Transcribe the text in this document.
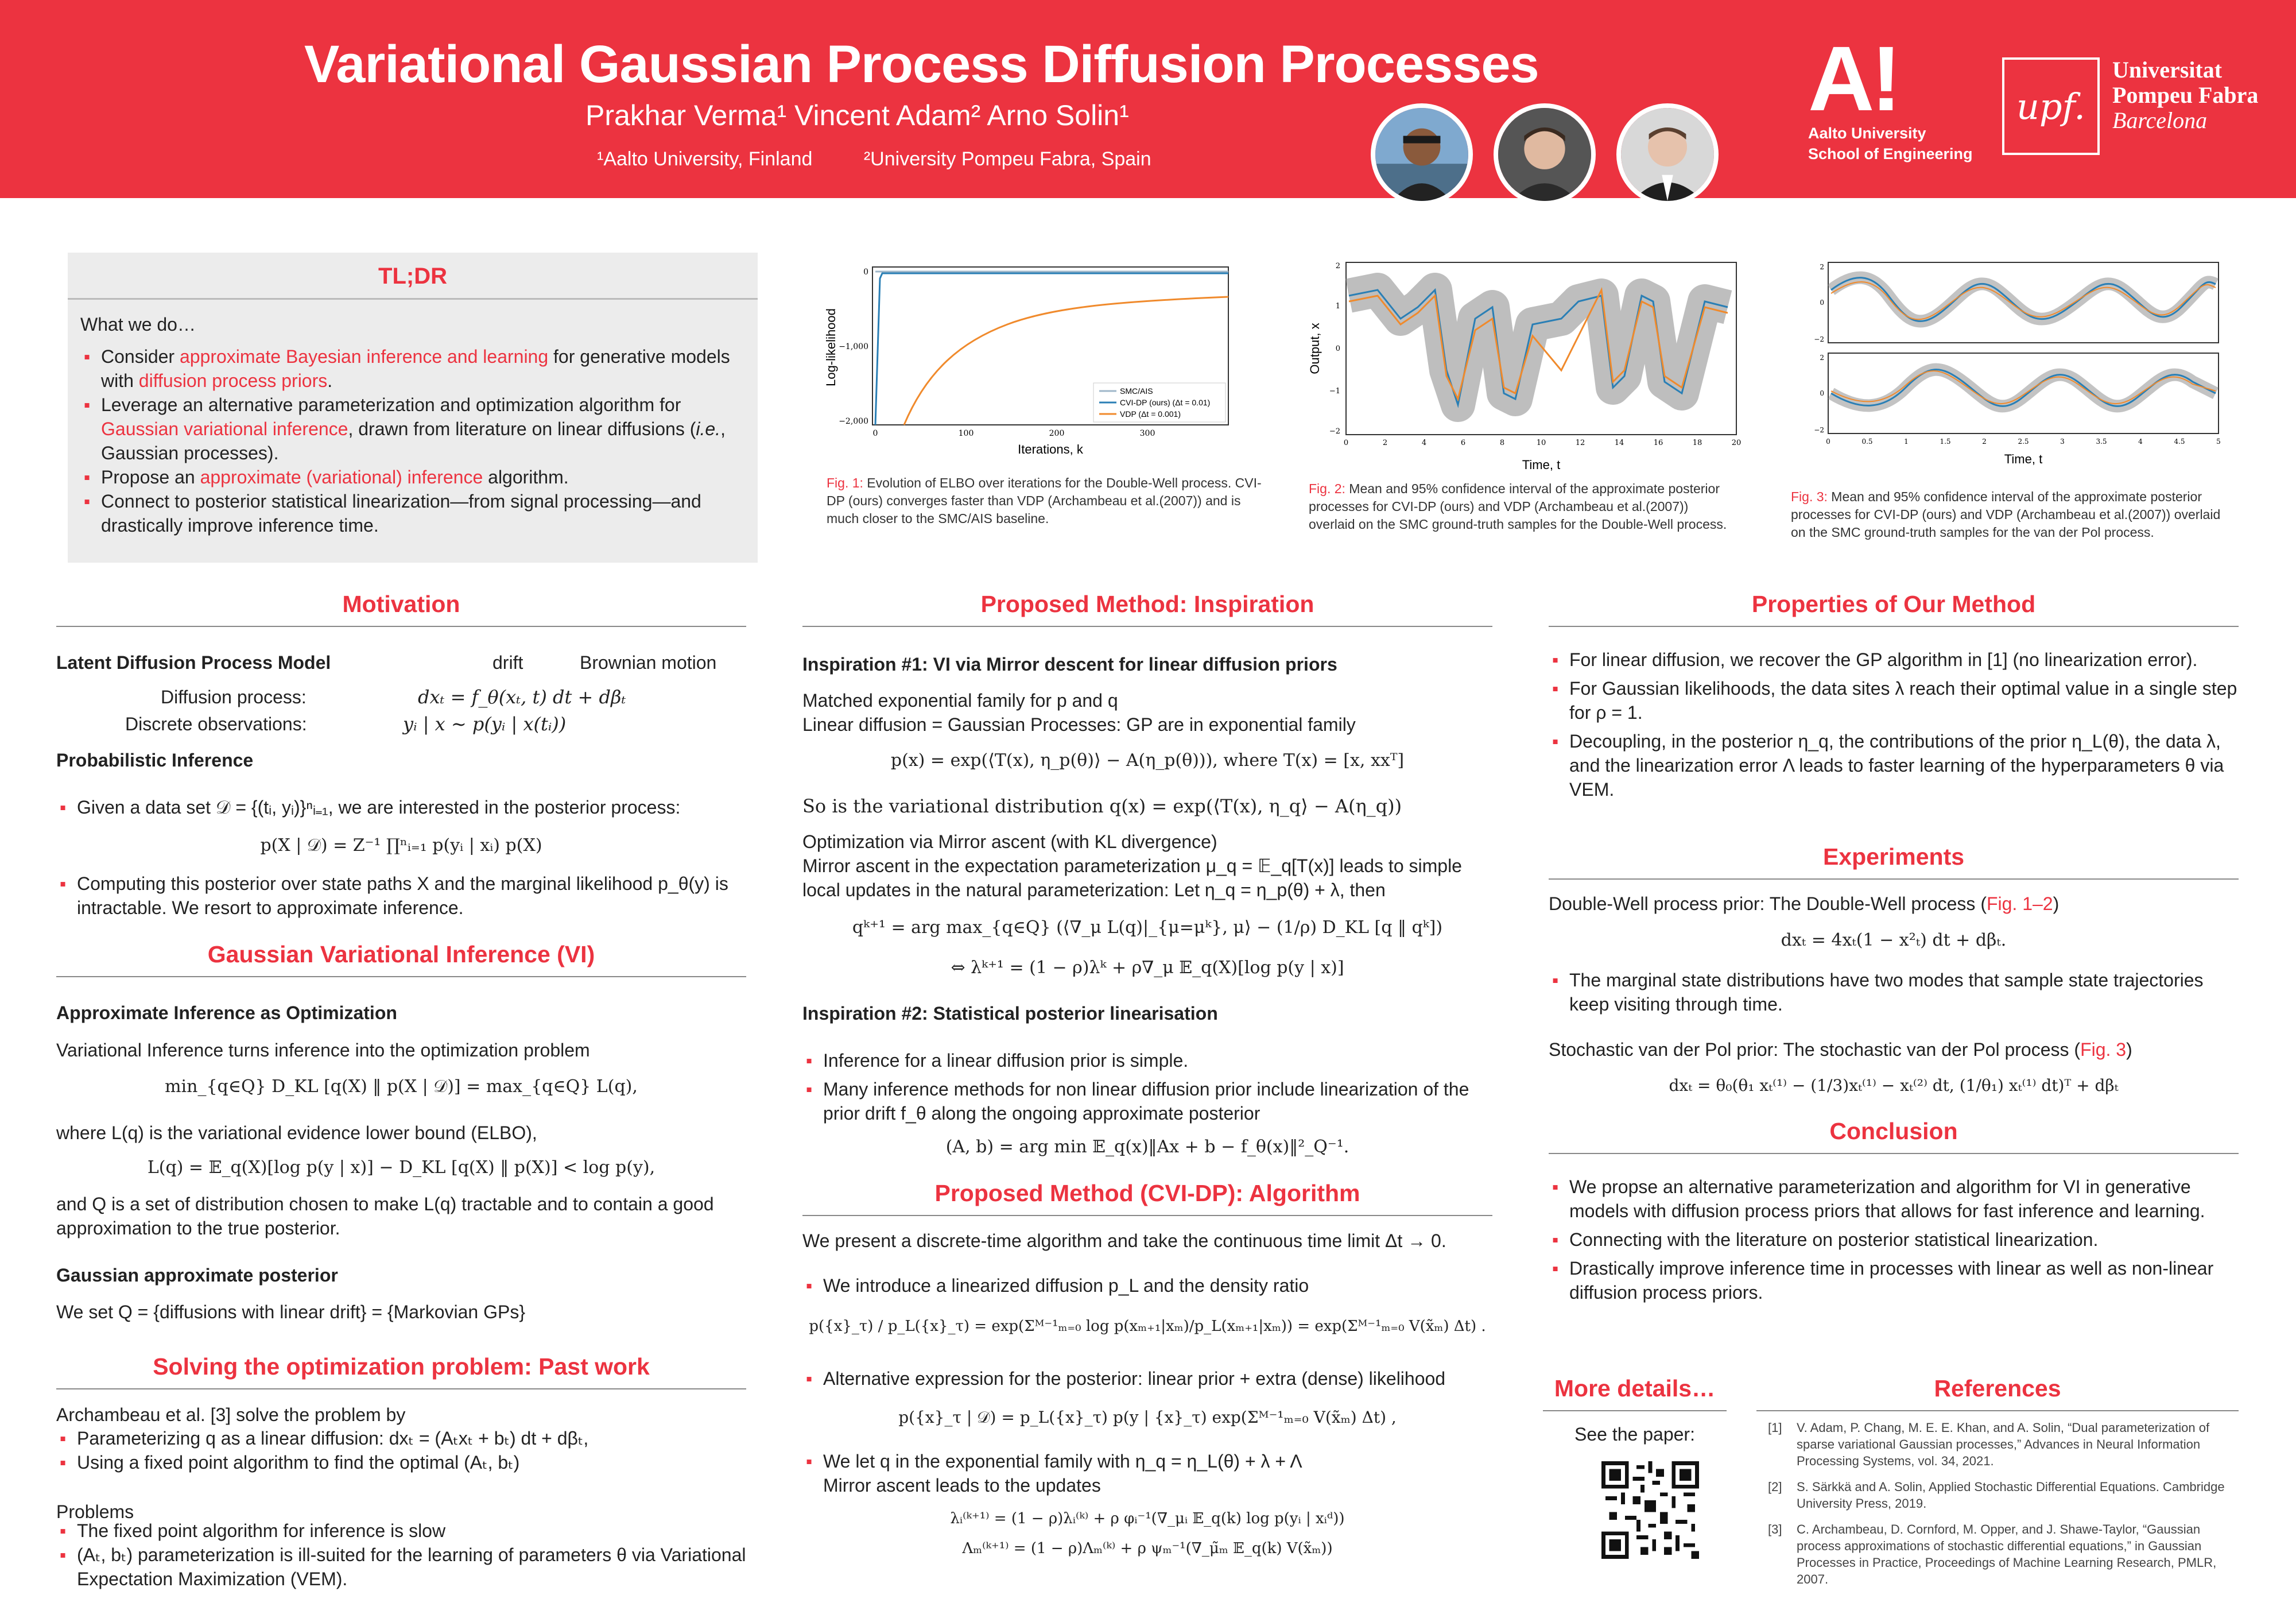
Variational Gaussian Process Diffusion Processes
Prakhar Verma¹ Vincent Adam² Arno Solin¹
¹Aalto University, Finland	²University Pompeu Fabra, Spain
A!
Aalto University
School of Engineering
upf.
Universitat
Pompeu Fabra
Barcelona
TL;DR
What we do…
▪ Consider approximate Bayesian inference and learning for generative models with diffusion process priors.
▪ Leverage an alternative parameterization and optimization algorithm for Gaussian variational inference, drawn from literature on linear diffusions (i.e., Gaussian processes).
▪ Propose an approximate (variational) inference algorithm.
▪ Connect to posterior statistical linearization—from signal processing—and drastically improve inference time.
Log-likelihood
Iterations, k
0
−1,000
−2,000
0	100	200	300
SMC/AIS
CVI-DP (ours) (Δt = 0.01)
VDP (Δt = 0.001)
Fig. 1: Evolution of ELBO over iterations for the Double-Well process. CVI-DP (ours) converges faster than VDP (Archambeau et al.(2007)) and is much closer to the SMC/AIS baseline.
Output, x
Time, t
2
1
0
−1
−2
0	2	4	6	8	10	12	14	16	18	20
Fig. 2: Mean and 95% confidence interval of the approximate posterior processes for CVI-DP (ours) and VDP (Archambeau et al.(2007)) overlaid on the SMC ground-truth samples for the Double-Well process.
2
0
−2
2
0
−2
0	0.5	1	1.5	2	2.5	3	3.5	4	4.5	5
Time, t
Fig. 3: Mean and 95% confidence interval of the approximate posterior processes for CVI-DP (ours) and VDP (Archambeau et al.(2007)) overlaid on the SMC ground-truth samples for the van der Pol process.
Motivation
Latent Diffusion Process Model	drift	Brownian motion
Diffusion process:	dxₜ = f_θ(xₜ, t) dt + dβₜ
Discrete observations:	yᵢ | x ∼ p(yᵢ | x(tᵢ))
Probabilistic Inference
▪ Given a data set 𝒟 = {(tᵢ, yᵢ)}ⁿᵢ₌₁, we are interested in the posterior process:
p(X | 𝒟) = Z⁻¹ ∏ⁿᵢ₌₁ p(yᵢ | xᵢ) p(X)
▪ Computing this posterior over state paths X and the marginal likelihood p_θ(y) is intractable. We resort to approximate inference.
Gaussian Variational Inference (VI)
Approximate Inference as Optimization
Variational Inference turns inference into the optimization problem
min_{q∈Q} D_KL [q(X) ‖ p(X | 𝒟)] = max_{q∈Q} L(q),
where L(q) is the variational evidence lower bound (ELBO),
L(q) = 𝔼_q(X)[log p(y | x)] − D_KL [q(X) ‖ p(X)] < log p(y),
and Q is a set of distribution chosen to make L(q) tractable and to contain a good approximation to the true posterior.
Gaussian approximate posterior
We set Q = {diffusions with linear drift} = {Markovian GPs}
Solving the optimization problem: Past work
Archambeau et al. [3] solve the problem by
▪ Parameterizing q as a linear diffusion: dxₜ = (Aₜxₜ + bₜ) dt + dβₜ,
▪ Using a fixed point algorithm to find the optimal (Aₜ, bₜ)
Problems
▪ The fixed point algorithm for inference is slow
▪ (Aₜ, bₜ) parameterization is ill-suited for the learning of parameters θ via Variational Expectation Maximization (VEM).
Proposed Method: Inspiration
Inspiration #1: VI via Mirror descent for linear diffusion priors
Matched exponential family for p and q
Linear diffusion = Gaussian Processes: GP are in exponential family
p(x) = exp(⟨T(x), η_p(θ)⟩ − A(η_p(θ))), where T(x) = [x, xxᵀ]
So is the variational distribution q(x) = exp(⟨T(x), η_q⟩ − A(η_q))
Optimization via Mirror ascent (with KL divergence)
Mirror ascent in the expectation parameterization μ_q = 𝔼_q[T(x)] leads to simple local updates in the natural parameterization: Let η_q = η_p(θ) + λ, then
qᵏ⁺¹ = arg max_{q∈Q} (⟨∇_μ L(q)|_{μ=μᵏ}, μ⟩ − (1/ρ) D_KL [q ‖ qᵏ])
⇔ λᵏ⁺¹ = (1 − ρ)λᵏ + ρ∇_μ 𝔼_q(X)[log p(y | x)]
Inspiration #2: Statistical posterior linearisation
▪ Inference for a linear diffusion prior is simple.
▪ Many inference methods for non linear diffusion prior include linearization of the prior drift f_θ along the ongoing approximate posterior
(A, b) = arg min 𝔼_q(x)‖Ax + b − f_θ(x)‖²_Q⁻¹.
Proposed Method (CVI-DP): Algorithm
We present a discrete-time algorithm and take the continuous time limit Δt → 0.
▪ We introduce a linearized diffusion p_L and the density ratio
p({x}_τ) / p_L({x}_τ) = exp(Σᴹ⁻¹ₘ₌₀ log p(xₘ₊₁|xₘ)/p_L(xₘ₊₁|xₘ)) = exp(Σᴹ⁻¹ₘ₌₀ V(x̃ₘ) Δt) .
▪ Alternative expression for the posterior: linear prior + extra (dense) likelihood
p({x}_τ | 𝒟) = p_L({x}_τ) p(y | {x}_τ) exp(Σᴹ⁻¹ₘ₌₀ V(x̃ₘ) Δt) ,
▪ We let q in the exponential family with η_q = η_L(θ) + λ + Λ
Mirror ascent leads to the updates
λᵢ⁽ᵏ⁺¹⁾ = (1 − ρ)λᵢ⁽ᵏ⁾ + ρ φᵢ⁻¹(∇_μᵢ 𝔼_q(k) log p(yᵢ | xᵢᵈ))
Λₘ⁽ᵏ⁺¹⁾ = (1 − ρ)Λₘ⁽ᵏ⁾ + ρ ψₘ⁻¹(∇_μ̃ₘ 𝔼_q(k) V(x̃ₘ))
Properties of Our Method
▪ For linear diffusion, we recover the GP algorithm in [1] (no linearization error).
▪ For Gaussian likelihoods, the data sites λ reach their optimal value in a single step for ρ = 1.
▪ Decoupling, in the posterior η_q, the contributions of the prior η_L(θ), the data λ, and the linearization error Λ leads to faster learning of the hyperparameters θ via VEM.
Experiments
Double-Well process prior: The Double-Well process (Fig. 1–2)
dxₜ = 4xₜ(1 − x²ₜ) dt + dβₜ.
▪ The marginal state distributions have two modes that sample state trajectories keep visiting through time.
Stochastic van der Pol prior: The stochastic van der Pol process (Fig. 3)
dxₜ = θ₀(θ₁ xₜ⁽¹⁾ − (1/3)xₜ⁽¹⁾ − xₜ⁽²⁾ dt, (1/θ₁) xₜ⁽¹⁾ dt)ᵀ + dβₜ
Conclusion
▪ We propse an alternative parameterization and algorithm for VI in generative models with diffusion process priors that allows for fast inference and learning.
▪ Connecting with the literature on posterior statistical linearization.
▪ Drastically improve inference time in processes with linear as well as non-linear diffusion process priors.
More details…
See the paper:
References
[1]	V. Adam, P. Chang, M. E. E. Khan, and A. Solin, “Dual parameterization of sparse variational Gaussian processes,” Advances in Neural Information Processing Systems, vol. 34, 2021.
[2]	S. Särkkä and A. Solin, Applied Stochastic Differential Equations. Cambridge University Press, 2019.
[3]	C. Archambeau, D. Cornford, M. Opper, and J. Shawe-Taylor, “Gaussian process approximations of stochastic differential equations,” in Gaussian Processes in Practice, Proceedings of Machine Learning Research, PMLR, 2007.
